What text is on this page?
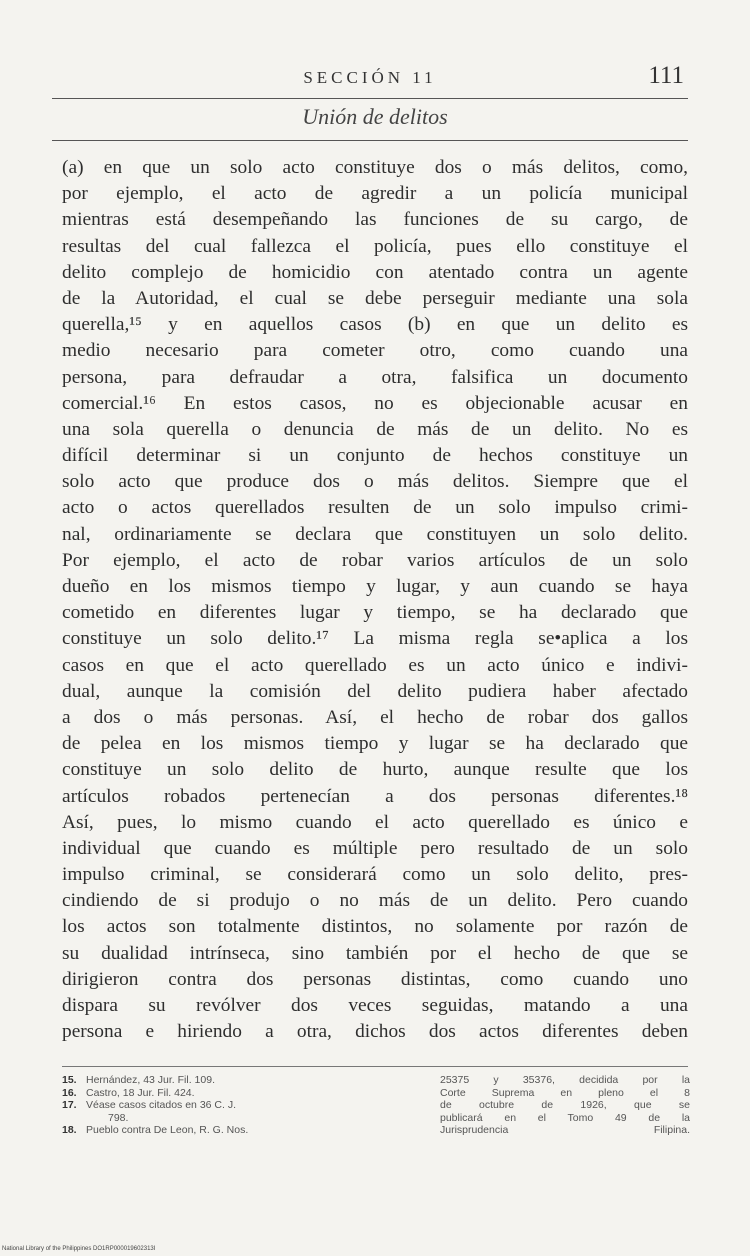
SECCIÓN 11	111
Unión de delitos
(a) en que un solo acto constituye dos o más delitos, como,
por ejemplo, el acto de agredir a un policía municipal
mientras está desempeñando las funciones de su cargo, de
resultas del cual fallezca el policía, pues ello constituye el
delito complejo de homicidio con atentado contra un agente
de la Autoridad, el cual se debe perseguir mediante una sola
querella,¹⁵ y en aquellos casos (b) en que un delito es
medio necesario para cometer otro, como cuando una
persona, para defraudar a otra, falsifica un documento
comercial.¹⁶ En estos casos, no es objecionable acusar en
una sola querella o denuncia de más de un delito. No es
difícil determinar si un conjunto de hechos constituye un
solo acto que produce dos o más delitos. Siempre que el
acto o actos querellados resulten de un solo impulso crimi-
nal, ordinariamente se declara que constituyen un solo delito.
Por ejemplo, el acto de robar varios artículos de un solo
dueño en los mismos tiempo y lugar, y aun cuando se haya
cometido en diferentes lugar y tiempo, se ha declarado que
constituye un solo delito.¹⁷ La misma regla se•aplica a los
casos en que el acto querellado es un acto único e indivi-
dual, aunque la comisión del delito pudiera haber afectado
a dos o más personas. Así, el hecho de robar dos gallos
de pelea en los mismos tiempo y lugar se ha declarado que
constituye un solo delito de hurto, aunque resulte que los
artículos robados pertenecían a dos personas diferentes.¹⁸
Así, pues, lo mismo cuando el acto querellado es único e
individual que cuando es múltiple pero resultado de un solo
impulso criminal, se considerará como un solo delito, pres-
cindiendo de si produjo o no más de un delito. Pero cuando
los actos son totalmente distintos, no solamente por razón de
su dualidad intrínseca, sino también por el hecho de que se
dirigieron contra dos personas distintas, como cuando uno
dispara su revólver dos veces seguidas, matando a una
persona e hiriendo a otra, dichos dos actos diferentes deben
15. Hernández, 43 Jur. Fil. 109.
16. Castro, 18 Jur. Fil. 424.
17. Véase casos citados en 36 C. J.
798.
18. Pueblo contra De Leon, R. G. Nos.
25375 y 35376, decidida por la
Corte Suprema en pleno el 8
de octubre de 1926, que se
publicará en el Tomo 49 de la
Jurisprudencia Filipina.
National Library of the Philippines DO1RP000019602313I
